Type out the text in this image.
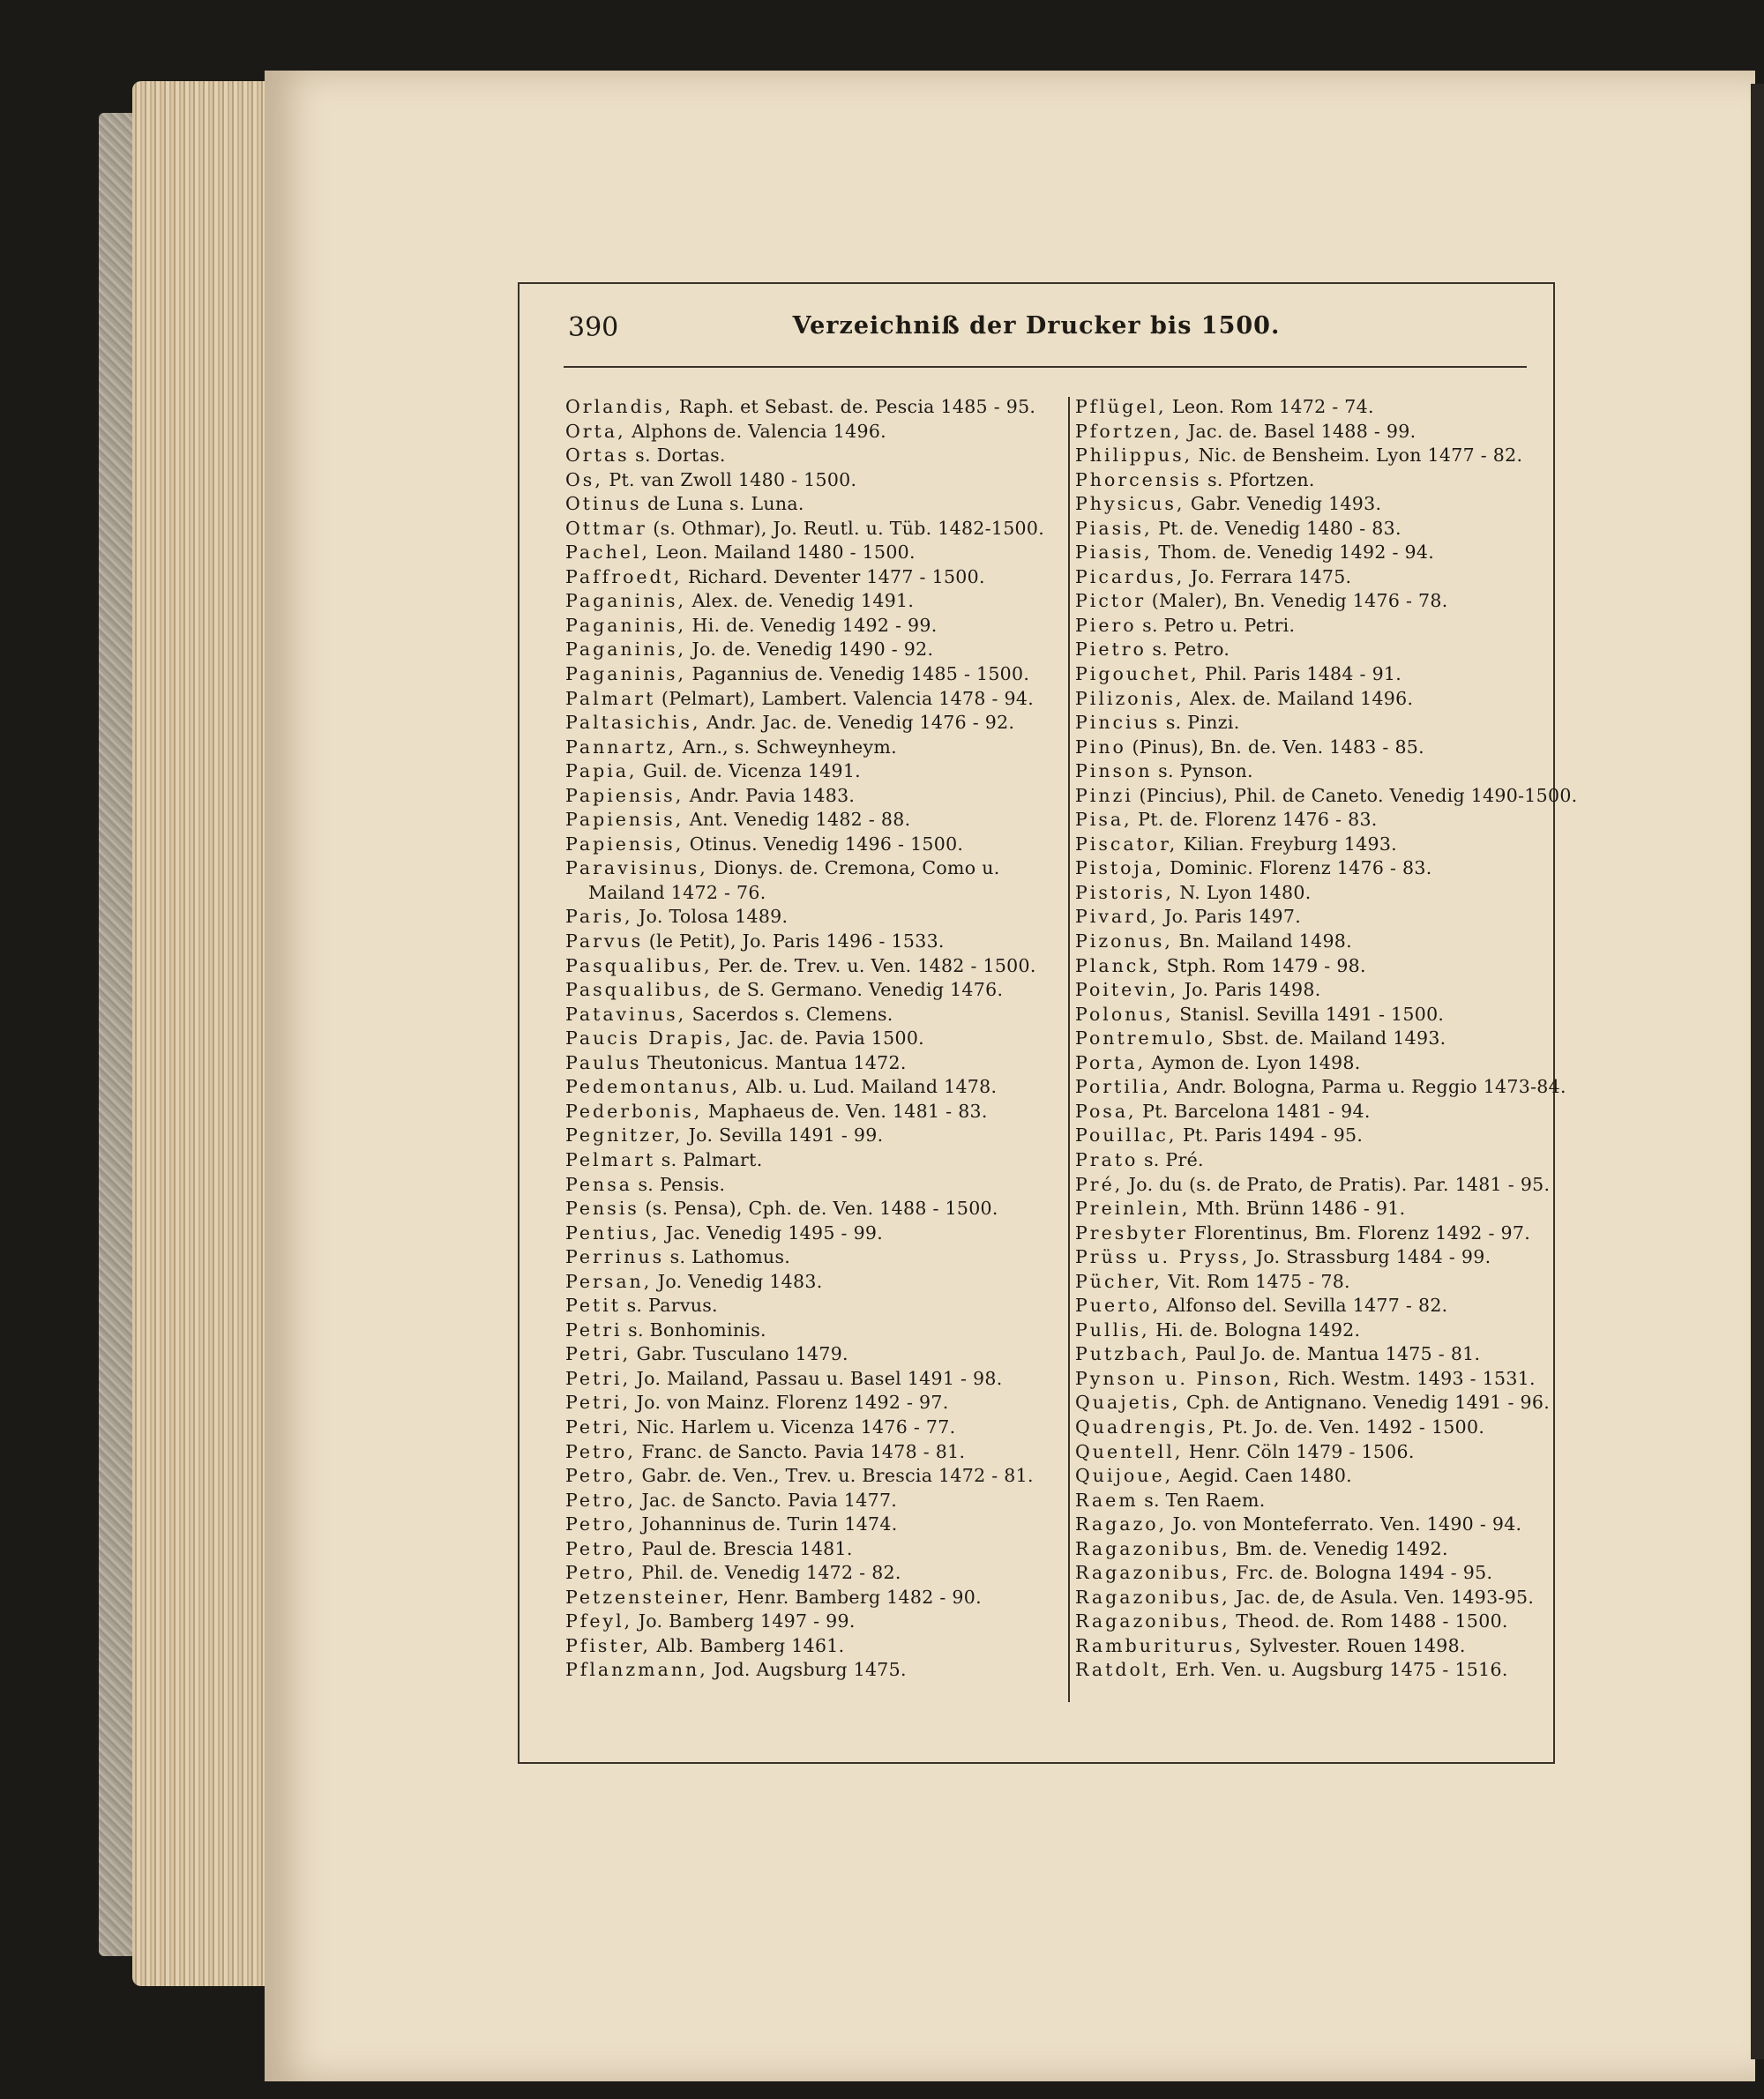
390	Verzeichniß der Drucker bis 1500.
Orlandis, Raph. et Sebast. de. Pescia 1485 - 95.
Orta, Alphons de. Valencia 1496.
Ortas s. Dortas.
Os, Pt. van Zwoll 1480 - 1500.
Otinus de Luna s. Luna.
Ottmar (s. Othmar), Jo. Reutl. u. Tüb. 1482-1500.
Pachel, Leon. Mailand 1480 - 1500.
Paffroedt, Richard. Deventer 1477 - 1500.
Paganinis, Alex. de. Venedig 1491.
Paganinis, Hi. de. Venedig 1492 - 99.
Paganinis, Jo. de. Venedig 1490 - 92.
Paganinis, Pagannius de. Venedig 1485 - 1500.
Palmart (Pelmart), Lambert. Valencia 1478 - 94.
Paltasichis, Andr. Jac. de. Venedig 1476 - 92.
Pannartz, Arn., s. Schweynheym.
Papia, Guil. de. Vicenza 1491.
Papiensis, Andr. Pavia 1483.
Papiensis, Ant. Venedig 1482 - 88.
Papiensis, Otinus. Venedig 1496 - 1500.
Paravisinus, Dionys. de. Cremona, Como u.
Mailand 1472 - 76.
Paris, Jo. Tolosa 1489.
Parvus (le Petit), Jo. Paris 1496 - 1533.
Pasqualibus, Per. de. Trev. u. Ven. 1482 - 1500.
Pasqualibus, de S. Germano. Venedig 1476.
Patavinus, Sacerdos s. Clemens.
Paucis Drapis, Jac. de. Pavia 1500.
Paulus Theutonicus. Mantua 1472.
Pedemontanus, Alb. u. Lud. Mailand 1478.
Pederbonis, Maphaeus de. Ven. 1481 - 83.
Pegnitzer, Jo. Sevilla 1491 - 99.
Pelmart s. Palmart.
Pensa s. Pensis.
Pensis (s. Pensa), Cph. de. Ven. 1488 - 1500.
Pentius, Jac. Venedig 1495 - 99.
Perrinus s. Lathomus.
Persan, Jo. Venedig 1483.
Petit s. Parvus.
Petri s. Bonhominis.
Petri, Gabr. Tusculano 1479.
Petri, Jo. Mailand, Passau u. Basel 1491 - 98.
Petri, Jo. von Mainz. Florenz 1492 - 97.
Petri, Nic. Harlem u. Vicenza 1476 - 77.
Petro, Franc. de Sancto. Pavia 1478 - 81.
Petro, Gabr. de. Ven., Trev. u. Brescia 1472 - 81.
Petro, Jac. de Sancto. Pavia 1477.
Petro, Johanninus de. Turin 1474.
Petro, Paul de. Brescia 1481.
Petro, Phil. de. Venedig 1472 - 82.
Petzensteiner, Henr. Bamberg 1482 - 90.
Pfeyl, Jo. Bamberg 1497 - 99.
Pfister, Alb. Bamberg 1461.
Pflanzmann, Jod. Augsburg 1475.
Pflügel, Leon. Rom 1472 - 74.
Pfortzen, Jac. de. Basel 1488 - 99.
Philippus, Nic. de Bensheim. Lyon 1477 - 82.
Phorcensis s. Pfortzen.
Physicus, Gabr. Venedig 1493.
Piasis, Pt. de. Venedig 1480 - 83.
Piasis, Thom. de. Venedig 1492 - 94.
Picardus, Jo. Ferrara 1475.
Pictor (Maler), Bn. Venedig 1476 - 78.
Piero s. Petro u. Petri.
Pietro s. Petro.
Pigouchet, Phil. Paris 1484 - 91.
Pilizonis, Alex. de. Mailand 1496.
Pincius s. Pinzi.
Pino (Pinus), Bn. de. Ven. 1483 - 85.
Pinson s. Pynson.
Pinzi (Pincius), Phil. de Caneto. Venedig 1490-1500.
Pisa, Pt. de. Florenz 1476 - 83.
Piscator, Kilian. Freyburg 1493.
Pistoja, Dominic. Florenz 1476 - 83.
Pistoris, N. Lyon 1480.
Pivard, Jo. Paris 1497.
Pizonus, Bn. Mailand 1498.
Planck, Stph. Rom 1479 - 98.
Poitevin, Jo. Paris 1498.
Polonus, Stanisl. Sevilla 1491 - 1500.
Pontremulo, Sbst. de. Mailand 1493.
Porta, Aymon de. Lyon 1498.
Portilia, Andr. Bologna, Parma u. Reggio 1473-84.
Posa, Pt. Barcelona 1481 - 94.
Pouillac, Pt. Paris 1494 - 95.
Prato s. Pré.
Pré, Jo. du (s. de Prato, de Pratis). Par. 1481 - 95.
Preinlein, Mth. Brünn 1486 - 91.
Presbyter Florentinus, Bm. Florenz 1492 - 97.
Prüss u. Pryss, Jo. Strassburg 1484 - 99.
Pücher, Vit. Rom 1475 - 78.
Puerto, Alfonso del. Sevilla 1477 - 82.
Pullis, Hi. de. Bologna 1492.
Putzbach, Paul Jo. de. Mantua 1475 - 81.
Pynson u. Pinson, Rich. Westm. 1493 - 1531.
Quajetis, Cph. de Antignano. Venedig 1491 - 96.
Quadrengis, Pt. Jo. de. Ven. 1492 - 1500.
Quentell, Henr. Cöln 1479 - 1506.
Quijoue, Aegid. Caen 1480.
Raem s. Ten Raem.
Ragazo, Jo. von Monteferrato. Ven. 1490 - 94.
Ragazonibus, Bm. de. Venedig 1492.
Ragazonibus, Frc. de. Bologna 1494 - 95.
Ragazonibus, Jac. de, de Asula. Ven. 1493-95.
Ragazonibus, Theod. de. Rom 1488 - 1500.
Ramburiturus, Sylvester. Rouen 1498.
Ratdolt, Erh. Ven. u. Augsburg 1475 - 1516.
